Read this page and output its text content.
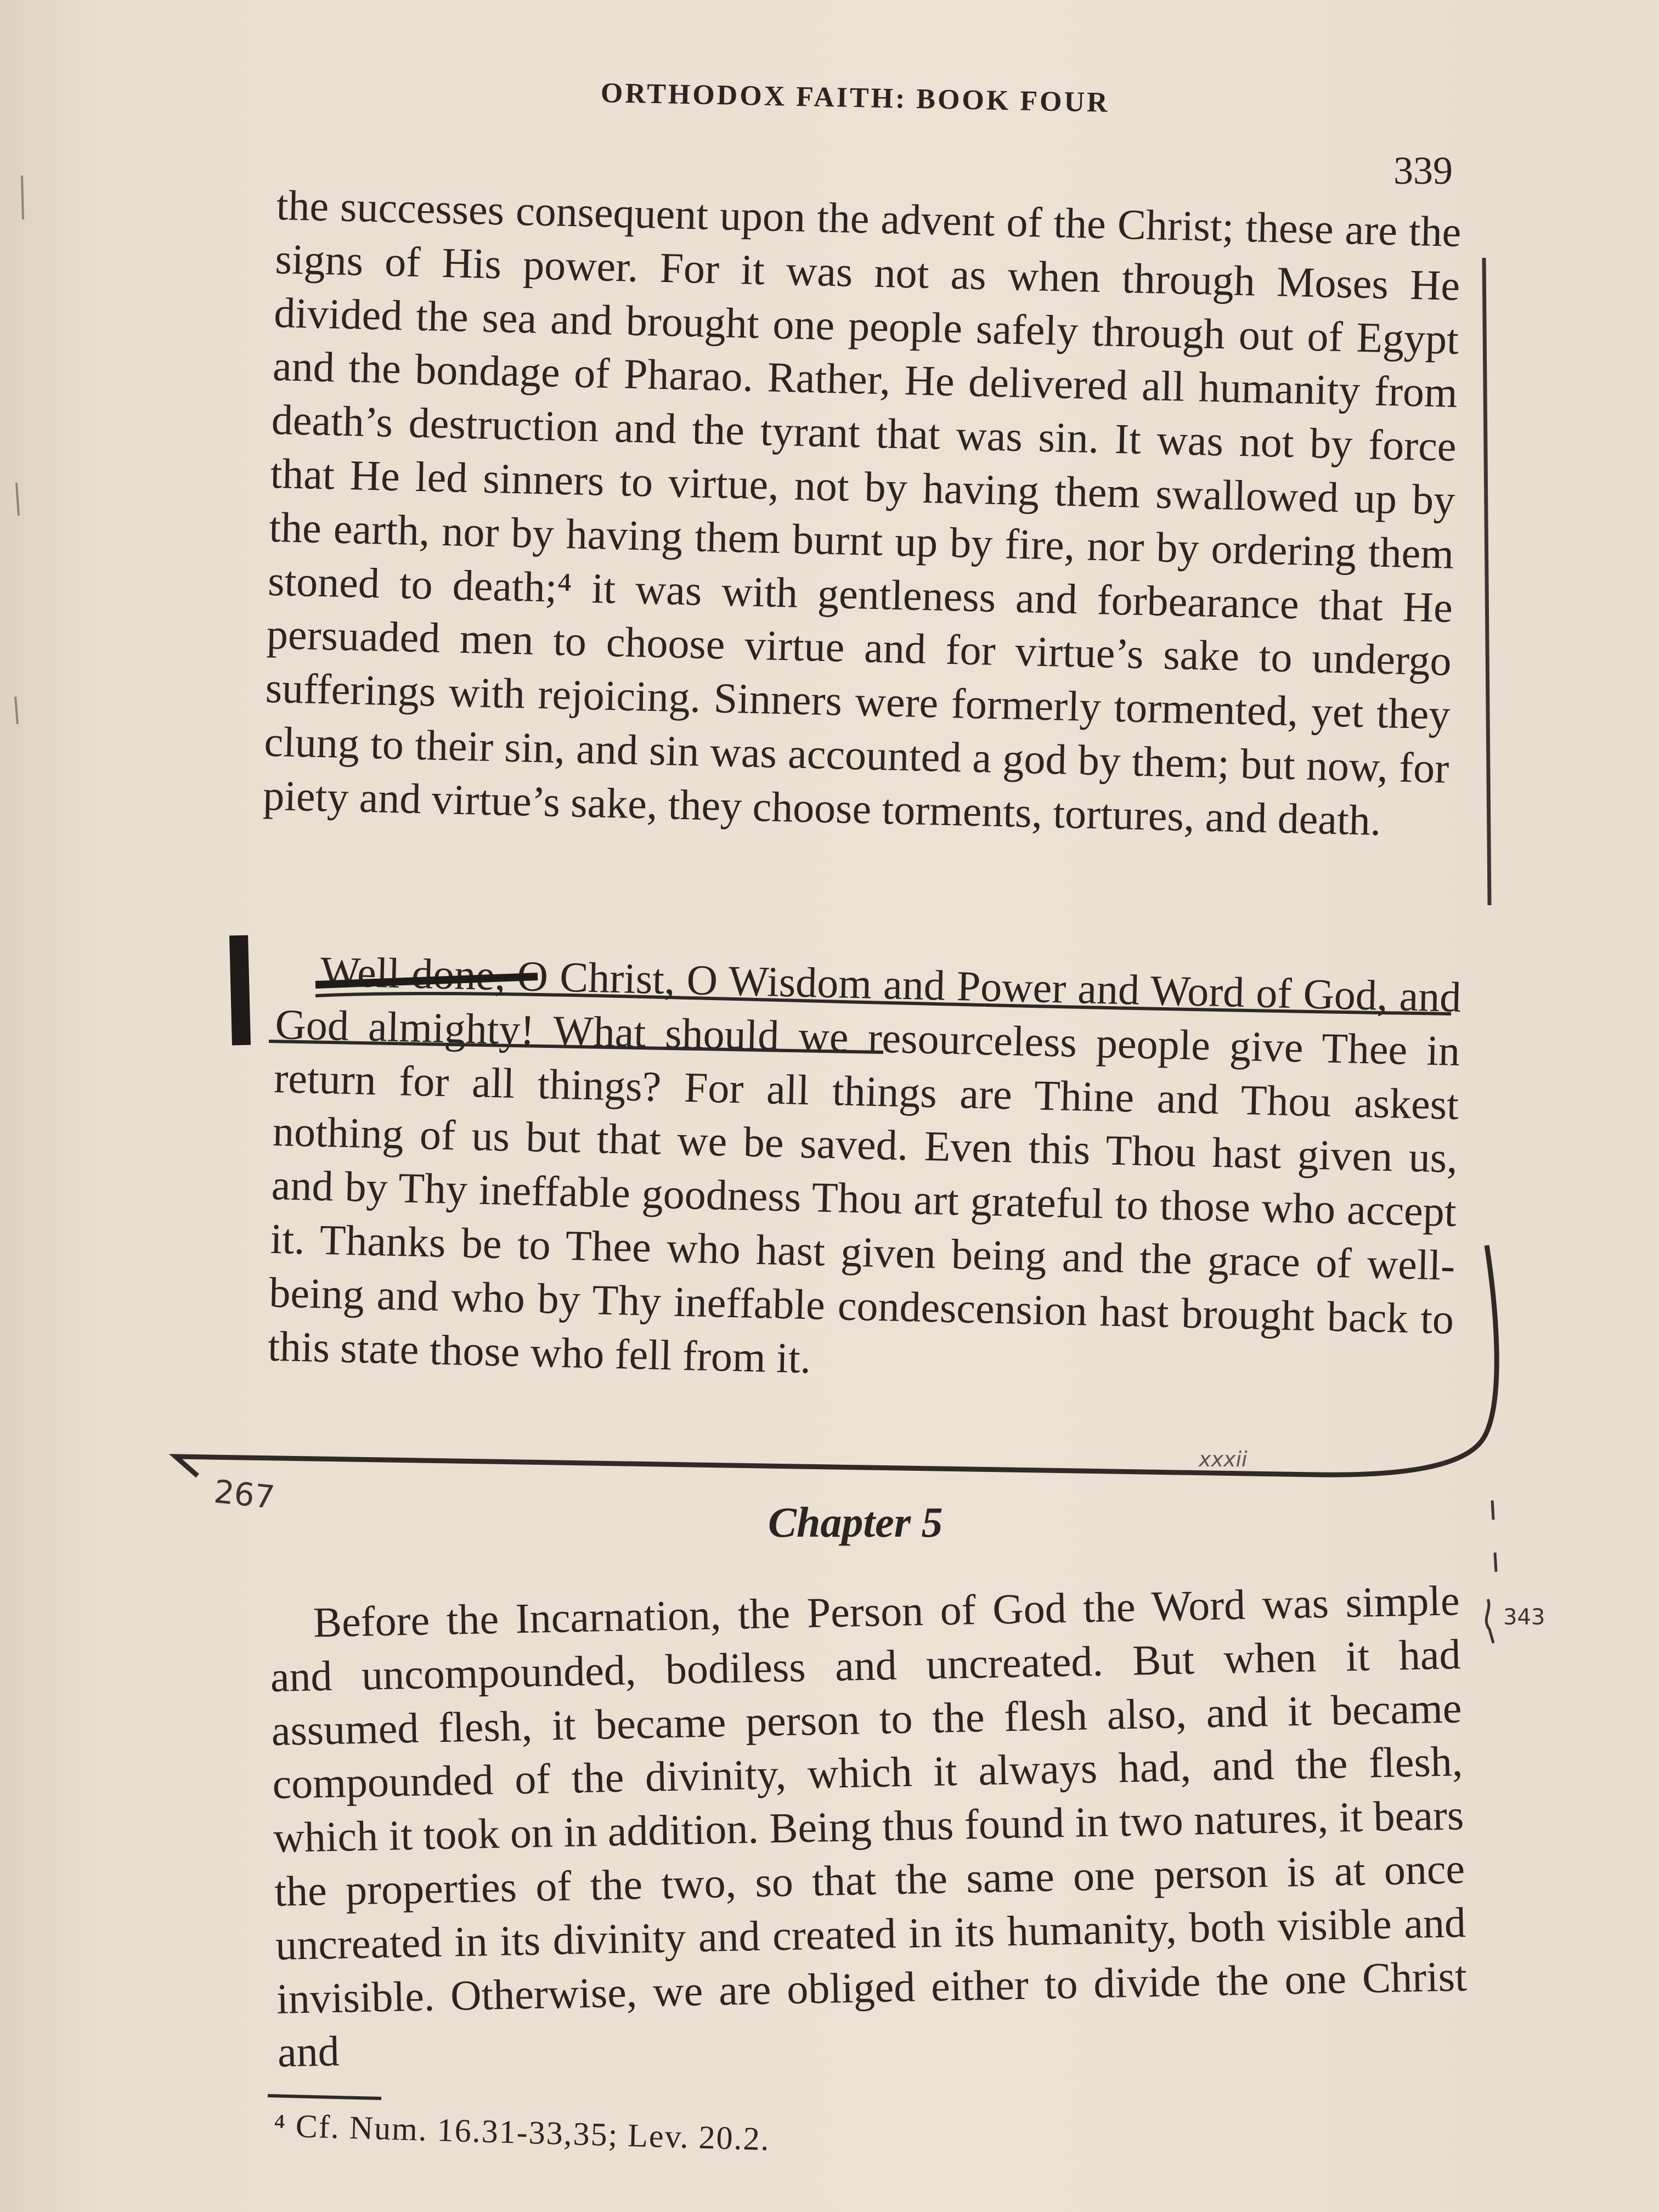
ORTHODOX FAITH: BOOK FOUR
339

the successes consequent upon the advent of the Christ; these are the signs of His power. For it was not as when through Moses He divided the sea and brought one people safely through out of Egypt and the bondage of Pharao. Rather, He delivered all humanity from death’s destruction and the tyrant that was sin. It was not by force that He led sinners to virtue, not by having them swallowed up by the earth, nor by having them burnt up by fire, nor by ordering them stoned to death;⁴ it was with gentleness and forbearance that He persuaded men to choose virtue and for virtue’s sake to undergo sufferings with rejoicing. Sinners were formerly tormented, yet they clung to their sin, and sin was accounted a god by them; but now, for piety and virtue’s sake, they choose torments, tortures, and death.

Well done, O Christ, O Wisdom and Power and Word of God, and God almighty! What should we resourceless people give Thee in return for all things? For all things are Thine and Thou askest nothing of us but that we be saved. Even this Thou hast given us, and by Thy ineffable goodness Thou art grateful to those who accept it. Thanks be to Thee who hast given being and the grace of well-being and who by Thy ineffable condescension hast brought back to this state those who fell from it.

Chapter 5

Before the Incarnation, the Person of God the Word was simple and uncompounded, bodiless and uncreated. But when it had assumed flesh, it became person to the flesh also, and it became compounded of the divinity, which it always had, and the flesh, which it took on in addition. Being thus found in two natures, it bears the properties of the two, so that the same one person is at once uncreated in its divinity and created in its humanity, both visible and invisible. Otherwise, we are obliged either to divide the one Christ and

⁴ Cf. Num. 16.31-33,35; Lev. 20.2.
267
xxxii
343
